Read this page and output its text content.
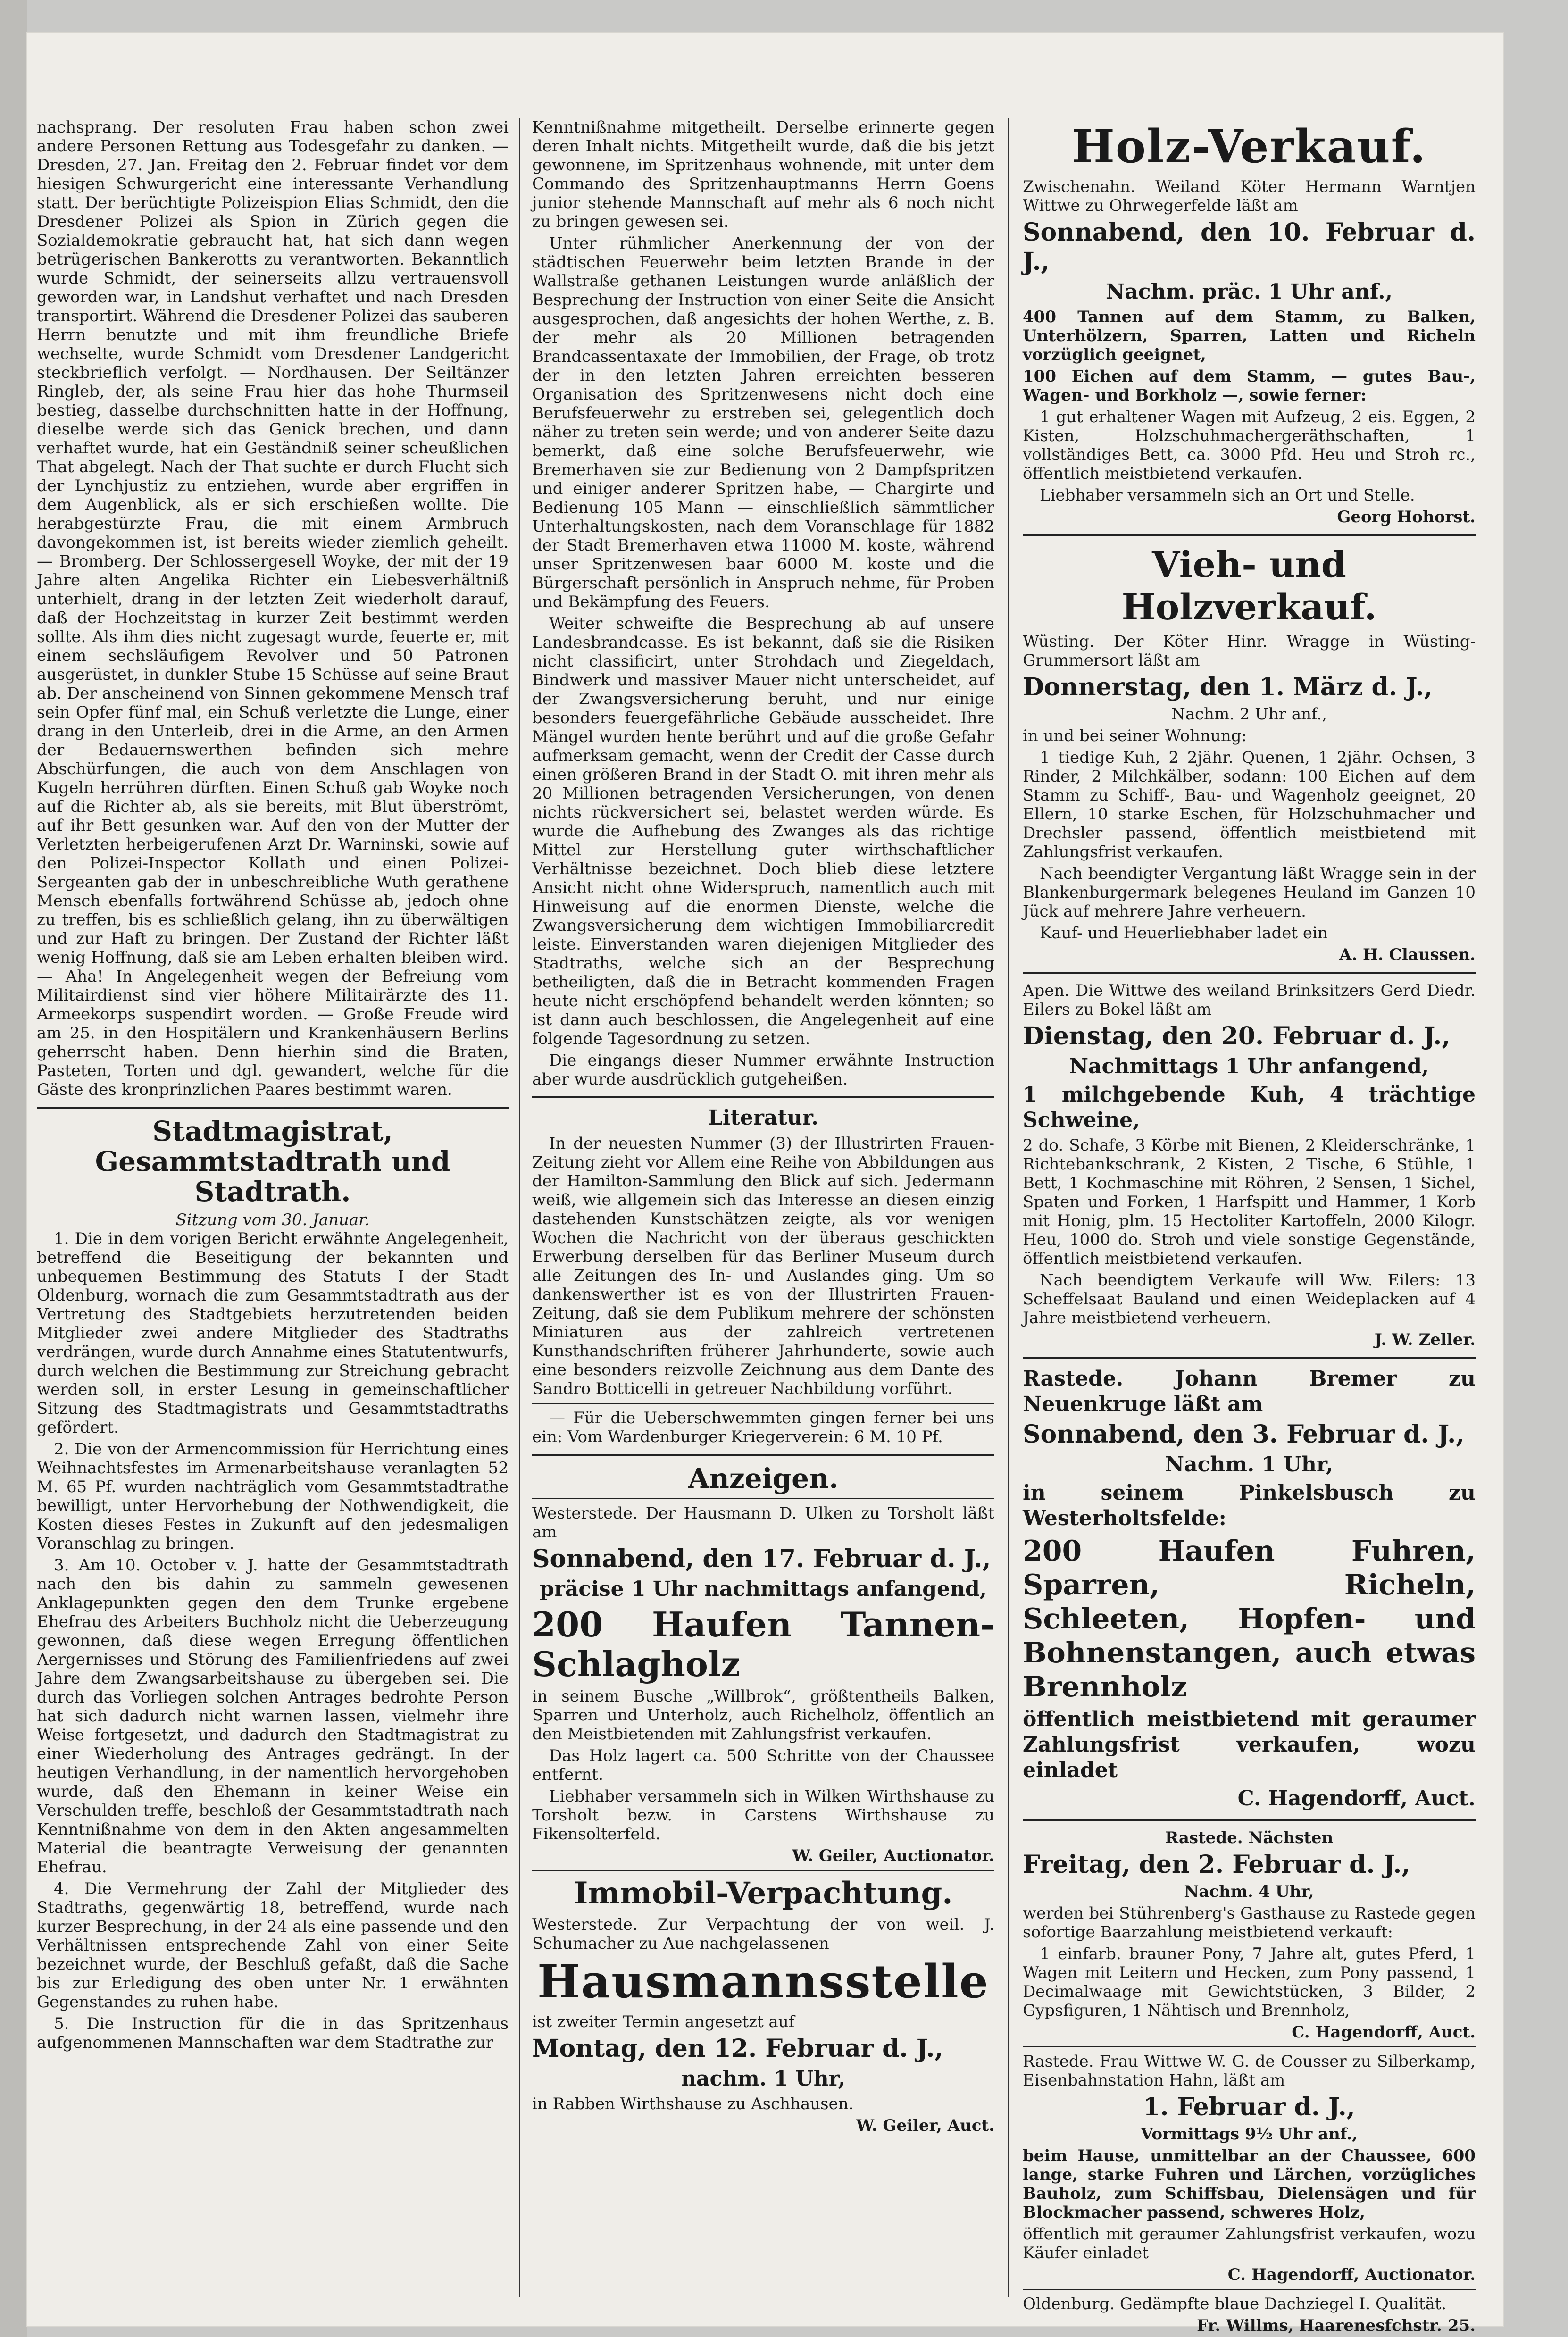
nachsprang. Der resoluten Frau haben schon zwei andere Personen Rettung aus Todesgefahr zu danken. — Dresden, 27. Jan. Freitag den 2. Februar findet vor dem hiesigen Schwurgericht eine interessante Verhandlung statt. Der berüchtigte Polizeispion Elias Schmidt, den die Dresdener Polizei als Spion in Zürich gegen die Sozialdemokratie gebraucht hat, hat sich dann wegen betrügerischen Bankerotts zu verantworten. Bekanntlich wurde Schmidt, der seinerseits allzu vertrauensvoll geworden war, in Landshut verhaftet und nach Dresden transportirt. Während die Dresdener Polizei das sauberen Herrn benutzte und mit ihm freundliche Briefe wechselte, wurde Schmidt vom Dresdener Landgericht steckbrieflich verfolgt. — Nordhausen. Der Seiltänzer Ringleb, der, als seine Frau hier das hohe Thurmseil bestieg, dasselbe durchschnitten hatte in der Hoffnung, dieselbe werde sich das Genick brechen, und dann verhaftet wurde, hat ein Geständniß seiner scheußlichen That abgelegt. Nach der That suchte er durch Flucht sich der Lynchjustiz zu entziehen, wurde aber ergriffen in dem Augenblick, als er sich erschießen wollte. Die herabgestürzte Frau, die mit einem Armbruch davongekommen ist, ist bereits wieder ziemlich geheilt. — Bromberg. Der Schlossergesell Woyke, der mit der 19 Jahre alten Angelika Richter ein Liebesverhältniß unterhielt, drang in der letzten Zeit wiederholt darauf, daß der Hochzeitstag in kurzer Zeit bestimmt werden sollte. Als ihm dies nicht zugesagt wurde, feuerte er, mit einem sechsläufigem Revolver und 50 Patronen ausgerüstet, in dunkler Stube 15 Schüsse auf seine Braut ab. Der anscheinend von Sinnen gekommene Mensch traf sein Opfer fünf mal, ein Schuß verletzte die Lunge, einer drang in den Unterleib, drei in die Arme, an den Armen der Bedauernswerthen befinden sich mehre Abschürfungen, die auch von dem Anschlagen von Kugeln herrühren dürften. Einen Schuß gab Woyke noch auf die Richter ab, als sie bereits, mit Blut überströmt, auf ihr Bett gesunken war. Auf den von der Mutter der Verletzten herbeigerufenen Arzt Dr. Warninski, sowie auf den Polizei-Inspector Kollath und einen Polizei-Sergeanten gab der in unbeschreibliche Wuth gerathene Mensch ebenfalls fortwährend Schüsse ab, jedoch ohne zu treffen, bis es schließlich gelang, ihn zu überwältigen und zur Haft zu bringen. Der Zustand der Richter läßt wenig Hoffnung, daß sie am Leben erhalten bleiben wird. — Aha! In Angelegenheit wegen der Befreiung vom Militairdienst sind vier höhere Militairärzte des 11. Armeekorps suspendirt worden. — Große Freude wird am 25. in den Hospitälern und Krankenhäusern Berlins geherrscht haben. Denn hierhin sind die Braten, Pasteten, Torten und dgl. gewandert, welche für die Gäste des kronprinzlichen Paares bestimmt waren.

Stadtmagistrat, Gesammtstadtrath und Stadtrath.
Sitzung vom 30. Januar.

1. Die in dem vorigen Bericht erwähnte Angelegenheit, betreffend die Beseitigung der bekannten und unbequemen Bestimmung des Statuts I der Stadt Oldenburg, wornach die zum Gesammtstadtrath aus der Vertretung des Stadtgebiets herzutretenden beiden Mitglieder zwei andere Mitglieder des Stadtraths verdrängen, wurde durch Annahme eines Statutentwurfs, durch welchen die Bestimmung zur Streichung gebracht werden soll, in erster Lesung in gemeinschaftlicher Sitzung des Stadtmagistrats und Gesammtstadtraths gefördert.

2. Die von der Armencommission für Herrichtung eines Weihnachtsfestes im Armenarbeitshause veranlagten 52 M. 65 Pf. wurden nachträglich vom Gesammtstadtrathe bewilligt, unter Hervorhebung der Nothwendigkeit, die Kosten dieses Festes in Zukunft auf den jedesmaligen Voranschlag zu bringen.

3. Am 10. October v. J. hatte der Gesammtstadtrath nach den bis dahin zu sammeln gewesenen Anklagepunkten gegen den dem Trunke ergebene Ehefrau des Arbeiters Buchholz nicht die Ueberzeugung gewonnen, daß diese wegen Erregung öffentlichen Aergernisses und Störung des Familienfriedens auf zwei Jahre dem Zwangsarbeitshause zu übergeben sei. Die durch das Vorliegen solchen Antrages bedrohte Person hat sich dadurch nicht warnen lassen, vielmehr ihre Weise fortgesetzt, und dadurch den Stadtmagistrat zu einer Wiederholung des Antrages gedrängt. In der heutigen Verhandlung, in der namentlich hervorgehoben wurde, daß den Ehemann in keiner Weise ein Verschulden treffe, beschloß der Gesammtstadtrath nach Kenntnißnahme von dem in den Akten angesammelten Material die beantragte Verweisung der genannten Ehefrau.

4. Die Vermehrung der Zahl der Mitglieder des Stadtraths, gegenwärtig 18, betreffend, wurde nach kurzer Besprechung, in der 24 als eine passende und den Verhältnissen entsprechende Zahl von einer Seite bezeichnet wurde, der Beschluß gefaßt, daß die Sache bis zur Erledigung des oben unter Nr. 1 erwähnten Gegenstandes zu ruhen habe.

5. Die Instruction für die in das Spritzenhaus aufgenommenen Mannschaften war dem Stadtrathe zur

Kenntnißnahme mitgetheilt. Derselbe erinnerte gegen deren Inhalt nichts. Mitgetheilt wurde, daß die bis jetzt gewonnene, im Spritzenhaus wohnende, mit unter dem Commando des Spritzenhauptmanns Herrn Goens junior stehende Mannschaft auf mehr als 6 noch nicht zu bringen gewesen sei.

Unter rühmlicher Anerkennung der von der städtischen Feuerwehr beim letzten Brande in der Wallstraße gethanen Leistungen wurde anläßlich der Besprechung der Instruction von einer Seite die Ansicht ausgesprochen, daß angesichts der hohen Werthe, z. B. der mehr als 20 Millionen betragenden Brandcassentaxate der Immobilien, der Frage, ob trotz der in den letzten Jahren erreichten besseren Organisation des Spritzenwesens nicht doch eine Berufsfeuerwehr zu erstreben sei, gelegentlich doch näher zu treten sein werde; und von anderer Seite dazu bemerkt, daß eine solche Berufsfeuerwehr, wie Bremerhaven sie zur Bedienung von 2 Dampfspritzen und einiger anderer Spritzen habe, — Chargirte und Bedienung 105 Mann — einschließlich sämmtlicher Unterhaltungskosten, nach dem Voranschlage für 1882 der Stadt Bremerhaven etwa 11000 M. koste, während unser Spritzenwesen baar 6000 M. koste und die Bürgerschaft persönlich in Anspruch nehme, für Proben und Bekämpfung des Feuers.

Weiter schweifte die Besprechung ab auf unsere Landesbrandcasse. Es ist bekannt, daß sie die Risiken nicht classificirt, unter Strohdach und Ziegeldach, Bindwerk und massiver Mauer nicht unterscheidet, auf der Zwangsversicherung beruht, und nur einige besonders feuergefährliche Gebäude ausscheidet. Ihre Mängel wurden hente berührt und auf die große Gefahr aufmerksam gemacht, wenn der Credit der Casse durch einen größeren Brand in der Stadt O. mit ihren mehr als 20 Millionen betragenden Versicherungen, von denen nichts rückversichert sei, belastet werden würde. Es wurde die Aufhebung des Zwanges als das richtige Mittel zur Herstellung guter wirthschaftlicher Verhältnisse bezeichnet. Doch blieb diese letztere Ansicht nicht ohne Widerspruch, namentlich auch mit Hinweisung auf die enormen Dienste, welche die Zwangsversicherung dem wichtigen Immobiliarcredit leiste. Einverstanden waren diejenigen Mitglieder des Stadtraths, welche sich an der Besprechung betheiligten, daß die in Betracht kommenden Fragen heute nicht erschöpfend behandelt werden könnten; so ist dann auch beschlossen, die Angelegenheit auf eine folgende Tagesordnung zu setzen.

Die eingangs dieser Nummer erwähnte Instruction aber wurde ausdrücklich gutgeheißen.

Literatur.

In der neuesten Nummer (3) der Illustrirten Frauen-Zeitung zieht vor Allem eine Reihe von Abbildungen aus der Hamilton-Sammlung den Blick auf sich. Jedermann weiß, wie allgemein sich das Interesse an diesen einzig dastehenden Kunstschätzen zeigte, als vor wenigen Wochen die Nachricht von der überaus geschickten Erwerbung derselben für das Berliner Museum durch alle Zeitungen des In- und Auslandes ging. Um so dankenswerther ist es von der Illustrirten Frauen-Zeitung, daß sie dem Publikum mehrere der schönsten Miniaturen aus der zahlreich vertretenen Kunsthandschriften früherer Jahrhunderte, sowie auch eine besonders reizvolle Zeichnung aus dem Dante des Sandro Botticelli in getreuer Nachbildung vorführt.

— Für die Ueberschwemmten gingen ferner bei uns ein: Vom Wardenburger Kriegerverein: 6 M. 10 Pf.

Anzeigen.

Westerstede. Der Hausmann D. Ulken zu Torsholt läßt am

Sonnabend, den 17. Februar d. J.,

präcise 1 Uhr nachmittags anfangend,

200 Haufen Tannen-Schlagholz

in seinem Busche „Willbrok“, größtentheils Balken, Sparren und Unterholz, auch Richelholz, öffentlich an den Meistbietenden mit Zahlungsfrist verkaufen.

Das Holz lagert ca. 500 Schritte von der Chaussee entfernt.

Liebhaber versammeln sich in Wilken Wirthshause zu Torsholt bezw. in Carstens Wirthshause zu Fikensolterfeld.

W. Geiler, Auctionator.

Immobil-Verpachtung.

Westerstede. Zur Verpachtung der von weil. J. Schumacher zu Aue nachgelassenen

Hausmannsstelle

ist zweiter Termin angesetzt auf

Montag, den 12. Februar d. J.,

nachm. 1 Uhr,

in Rabben Wirthshause zu Aschhausen.

W. Geiler, Auct.

Holz-Verkauf.

Zwischenahn. Weiland Köter Hermann Warntjen Wittwe zu Ohrwegerfelde läßt am

Sonnabend, den 10. Februar d. J.,

Nachm. präc. 1 Uhr anf.,

400 Tannen auf dem Stamm, zu Balken, Unterhölzern, Sparren, Latten und Richeln vorzüglich geeignet,

100 Eichen auf dem Stamm, — gutes Bau-, Wagen- und Borkholz —, sowie ferner:

1 gut erhaltener Wagen mit Aufzeug, 2 eis. Eggen, 2 Kisten, Holzschuhmachergeräthschaften, 1 vollständiges Bett, ca. 3000 Pfd. Heu und Stroh rc., öffentlich meistbietend verkaufen.

Liebhaber versammeln sich an Ort und Stelle.

Georg Hohorst.

Vieh- und Holzverkauf.

Wüsting. Der Köter Hinr. Wragge in Wüsting-Grummersort läßt am

Donnerstag, den 1. März d. J.,

Nachm. 2 Uhr anf.,

in und bei seiner Wohnung:

1 tiedige Kuh, 2 2jähr. Quenen, 1 2jähr. Ochsen, 3 Rinder, 2 Milchkälber, sodann: 100 Eichen auf dem Stamm zu Schiff-, Bau- und Wagenholz geeignet, 20 Ellern, 10 starke Eschen, für Holzschuhmacher und Drechsler passend, öffentlich meistbietend mit Zahlungsfrist verkaufen.

Nach beendigter Vergantung läßt Wragge sein in der Blankenburgermark belegenes Heuland im Ganzen 10 Jück auf mehrere Jahre verheuern.

Kauf- und Heuerliebhaber ladet ein

A. H. Claussen.

Apen. Die Wittwe des weiland Brinksitzers Gerd Diedr. Eilers zu Bokel läßt am

Dienstag, den 20. Februar d. J.,

Nachmittags 1 Uhr anfangend,

1 milchgebende Kuh, 4 trächtige Schweine,

2 do. Schafe, 3 Körbe mit Bienen, 2 Kleiderschränke, 1 Richtebankschrank, 2 Kisten, 2 Tische, 6 Stühle, 1 Bett, 1 Kochmaschine mit Röhren, 2 Sensen, 1 Sichel, Spaten und Forken, 1 Harfspitt und Hammer, 1 Korb mit Honig, plm. 15 Hectoliter Kartoffeln, 2000 Kilogr. Heu, 1000 do. Stroh und viele sonstige Gegenstände, öffentlich meistbietend verkaufen.

Nach beendigtem Verkaufe will Ww. Eilers: 13 Scheffelsaat Bauland und einen Weideplacken auf 4 Jahre meistbietend verheuern.

J. W. Zeller.

Rastede. Johann Bremer zu Neuenkruge läßt am

Sonnabend, den 3. Februar d. J.,

Nachm. 1 Uhr,

in seinem Pinkelsbusch zu Westerholtsfelde:

200 Haufen Fuhren, Sparren, Richeln, Schleeten, Hopfen- und Bohnenstangen, auch etwas Brennholz

öffentlich meistbietend mit geraumer Zahlungsfrist verkaufen, wozu einladet

C. Hagendorff, Auct.

Rastede. Nächsten

Freitag, den 2. Februar d. J.,

Nachm. 4 Uhr,

werden bei Stührenberg's Gasthause zu Rastede gegen sofortige Baarzahlung meistbietend verkauft:

1 einfarb. brauner Pony, 7 Jahre alt, gutes Pferd, 1 Wagen mit Leitern und Hecken, zum Pony passend, 1 Decimalwaage mit Gewichtstücken, 3 Bilder, 2 Gypsfiguren, 1 Nähtisch und Brennholz,

C. Hagendorff, Auct.

Rastede. Frau Wittwe W. G. de Cousser zu Silberkamp, Eisenbahnstation Hahn, läßt am

1. Februar d. J.,

Vormittags 9½ Uhr anf.,

beim Hause, unmittelbar an der Chaussee, 600 lange, starke Fuhren und Lärchen, vorzügliches Bauholz, zum Schiffsbau, Dielensägen und für Blockmacher passend, schweres Holz,

öffentlich mit geraumer Zahlungsfrist verkaufen, wozu Käufer einladet

C. Hagendorff, Auctionator.

Oldenburg. Gedämpfte blaue Dachziegel I. Qualität.

Fr. Willms, Haarenesfchstr. 25.
